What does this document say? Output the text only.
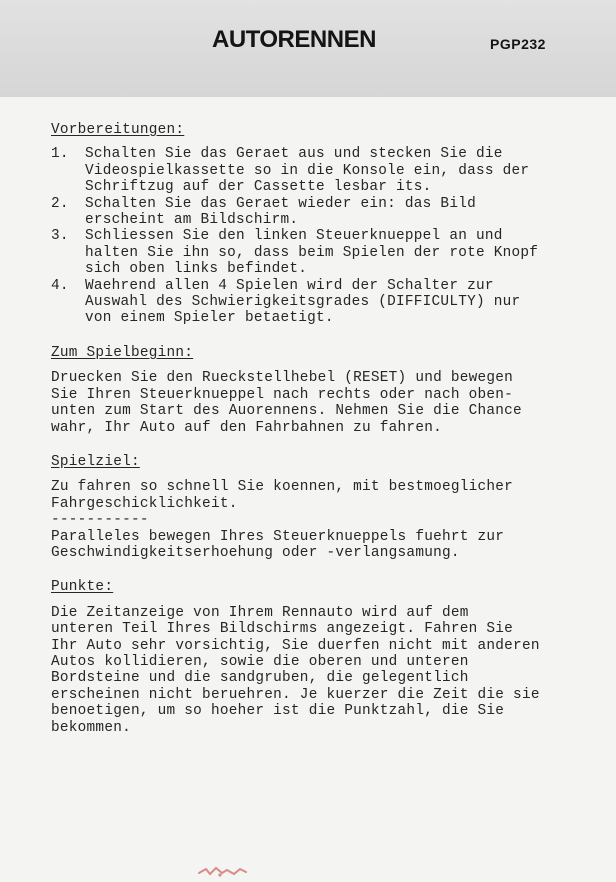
AUTORENNEN	PGP232
Vorbereitungen:
1. Schalten Sie das Geraet aus und stecken Sie die
Videospielkassette so in die Konsole ein, dass der
Schriftzug auf der Cassette lesbar its.
2. Schalten Sie das Geraet wieder ein: das Bild
erscheint am Bildschirm.
3. Schliessen Sie den linken Steuerknueppel an und
halten Sie ihn so, dass beim Spielen der rote Knopf
sich oben links befindet.
4. Waehrend allen 4 Spielen wird der Schalter zur
Auswahl des Schwierigkeitsgrades (DIFFICULTY) nur
von einem Spieler betaetigt.
Zum Spielbeginn:
Druecken Sie den Rueckstellhebel (RESET) und bewegen
Sie Ihren Steuerknueppel nach rechts oder nach oben-
unten zum Start des Auorennens. Nehmen Sie die Chance
wahr, Ihr Auto auf den Fahrbahnen zu fahren.
Spielziel:
Zu fahren so schnell Sie koennen, mit bestmoeglicher
Fahrgeschicklichkeit.
-----------
Paralleles bewegen Ihres Steuerknueppels fuehrt zur
Geschwindigkeitserhoehung oder -verlangsamung.
Punkte:
Die Zeitanzeige von Ihrem Rennauto wird auf dem
unteren Teil Ihres Bildschirms angezeigt. Fahren Sie
Ihr Auto sehr vorsichtig, Sie duerfen nicht mit anderen
Autos kollidieren, sowie die oberen und unteren
Bordsteine und die sandgruben, die gelegentlich
erscheinen nicht beruehren. Je kuerzer die Zeit die sie
benoetigen, um so hoeher ist die Punktzahl, die Sie
bekommen.
